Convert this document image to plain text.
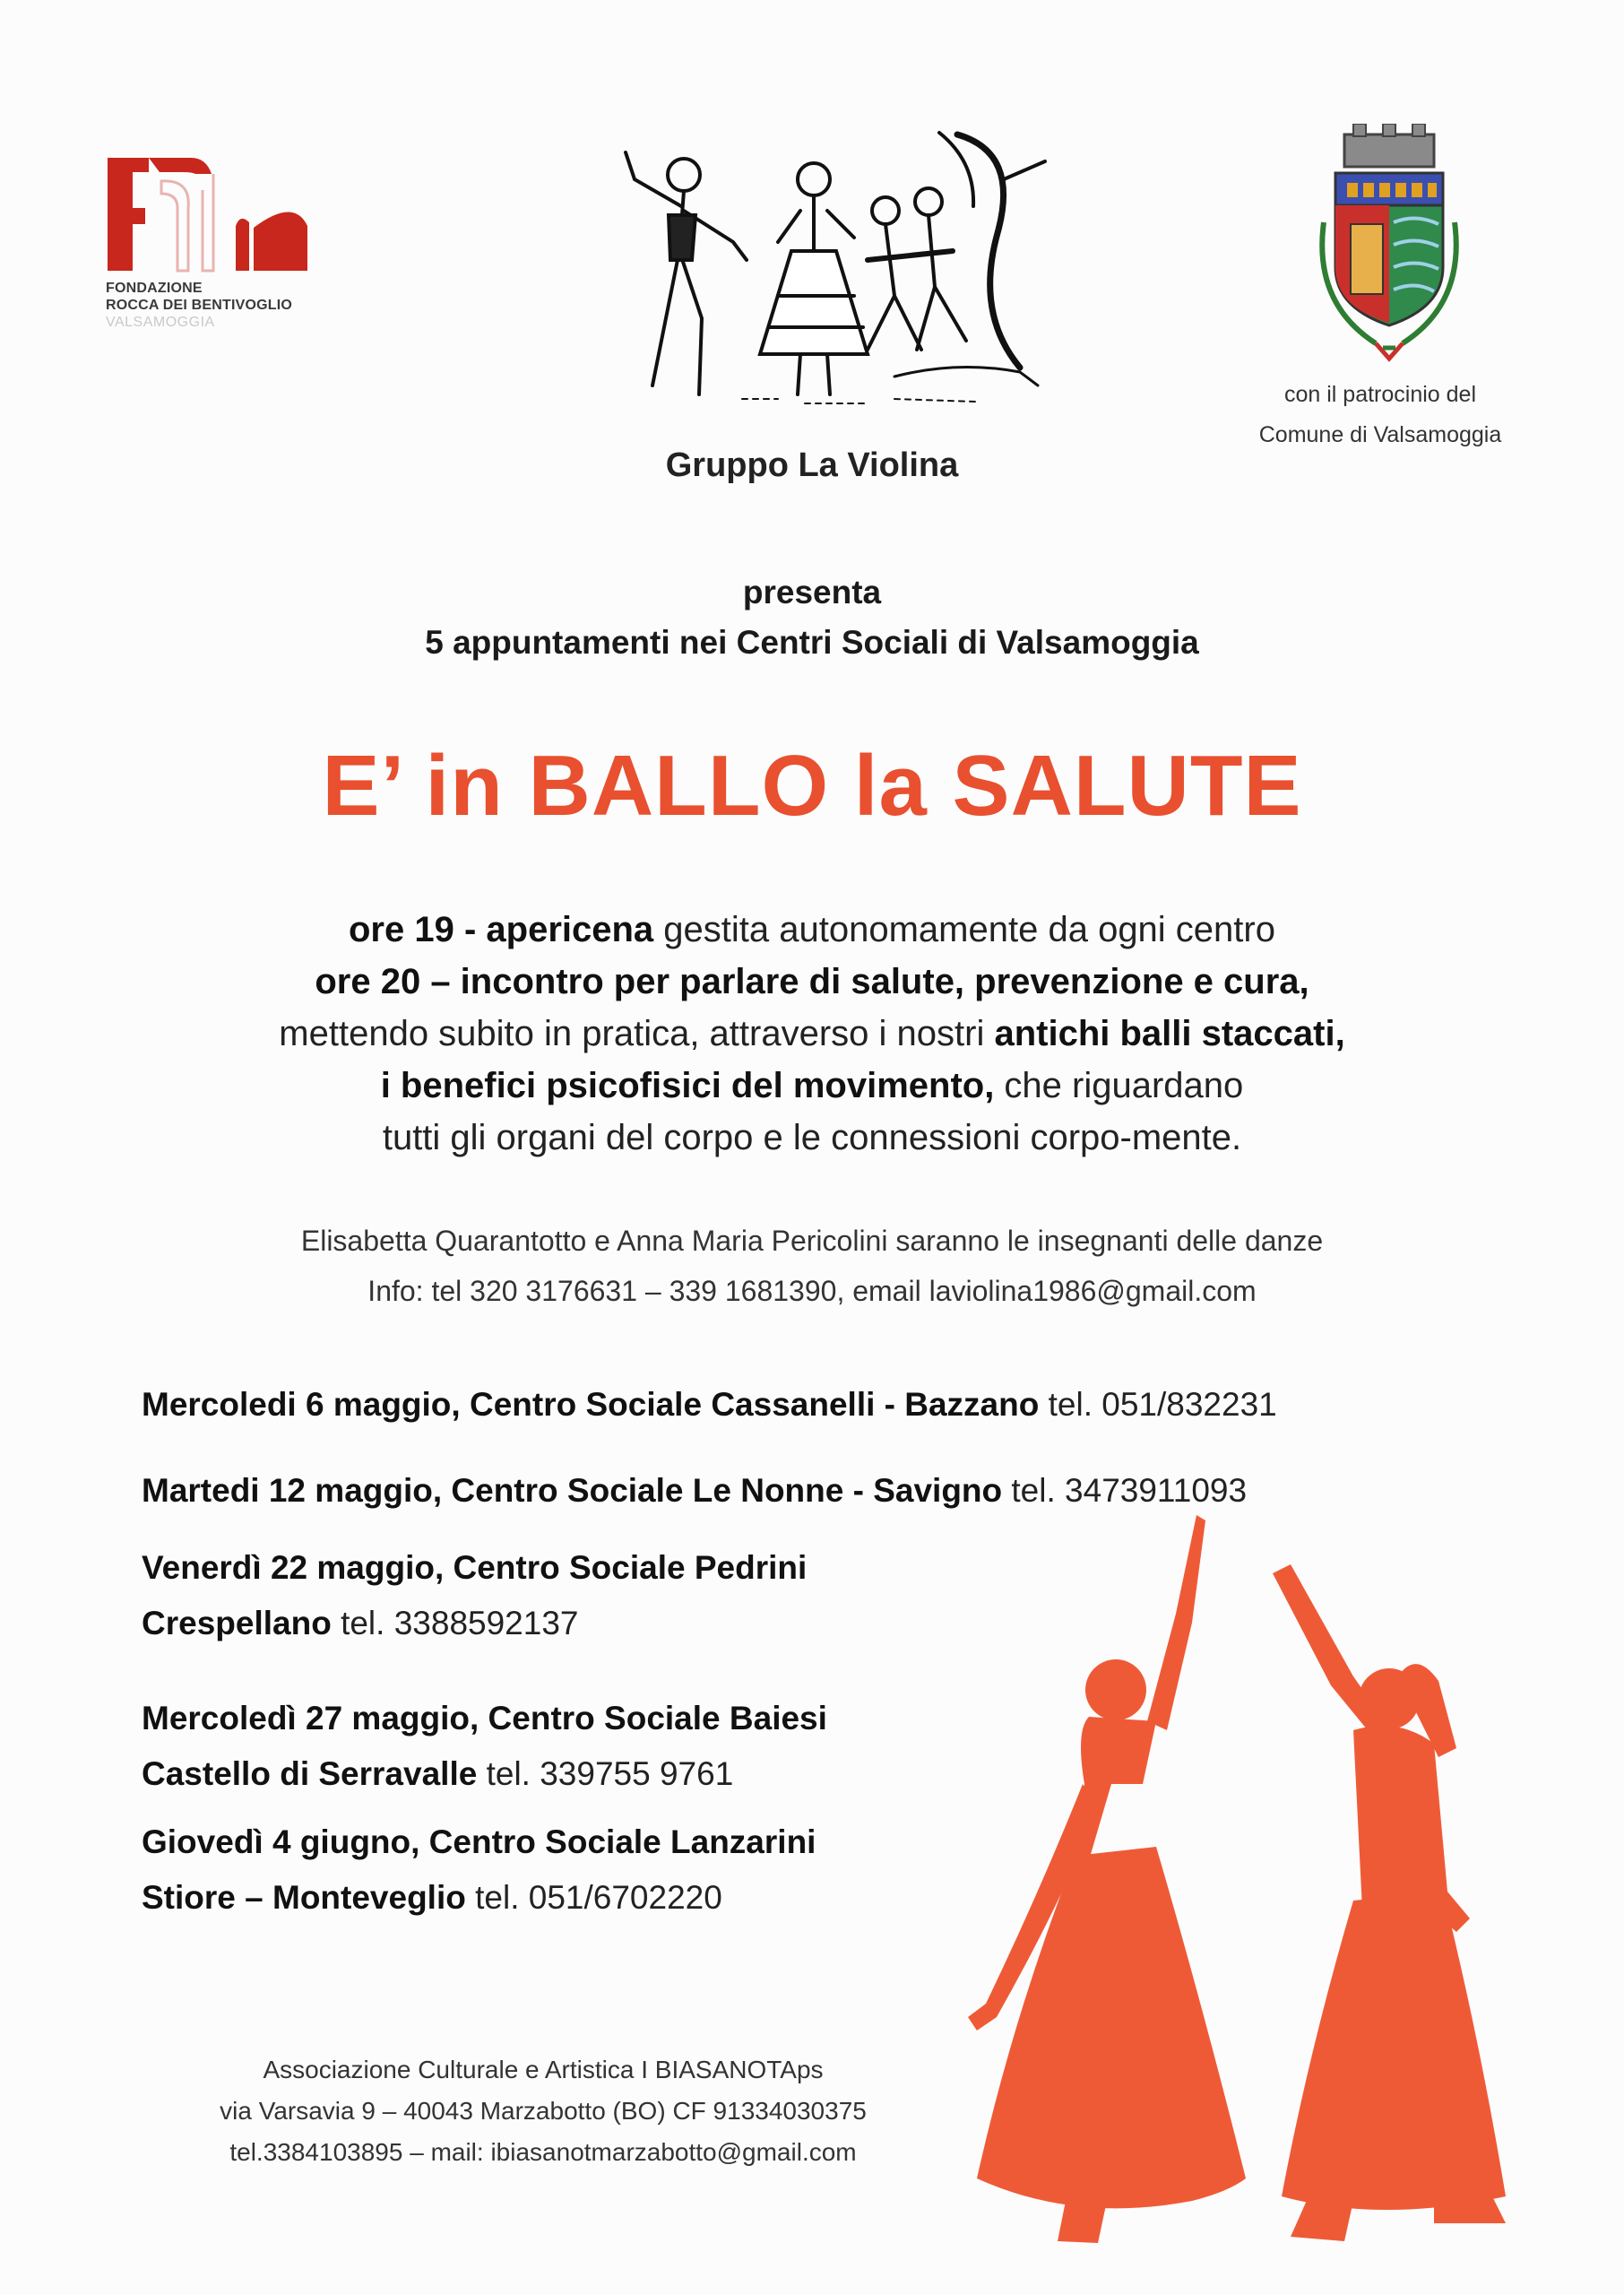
FONDAZIONE
ROCCA DEI BENTIVOGLIO
VALSAMOGGIA
con il patrocinio del
Comune di Valsamoggia
Gruppo La Violina
presenta
5 appuntamenti nei Centri Sociali di Valsamoggia
E’ in BALLO la SALUTE
ore 19 - apericena gestita autonomamente da ogni centro
ore 20 – incontro per parlare di salute, prevenzione e cura,
mettendo subito in pratica, attraverso i nostri antichi balli staccati,
i benefici psicofisici del movimento, che riguardano
tutti gli organi del corpo e le connessioni corpo-mente.
Elisabetta Quarantotto e Anna Maria Pericolini saranno le insegnanti delle danze
Info: tel 320 3176631 – 339 1681390, email laviolina1986@gmail.com
Mercoledi 6 maggio, Centro Sociale Cassanelli - Bazzano tel. 051/832231
Martedi 12 maggio, Centro Sociale Le Nonne - Savigno tel. 3473911093
Venerdì 22 maggio, Centro Sociale Pedrini
Crespellano tel. 3388592137
Mercoledì 27 maggio, Centro Sociale Baiesi
Castello di Serravalle tel. 339755 9761
Giovedì 4 giugno, Centro Sociale Lanzarini
Stiore – Monteveglio tel. 051/6702220
Associazione Culturale e Artistica I BIASANOTAps
via Varsavia 9 – 40043 Marzabotto (BO) CF 91334030375
tel.3384103895 – mail: ibiasanotmarzabotto@gmail.com
